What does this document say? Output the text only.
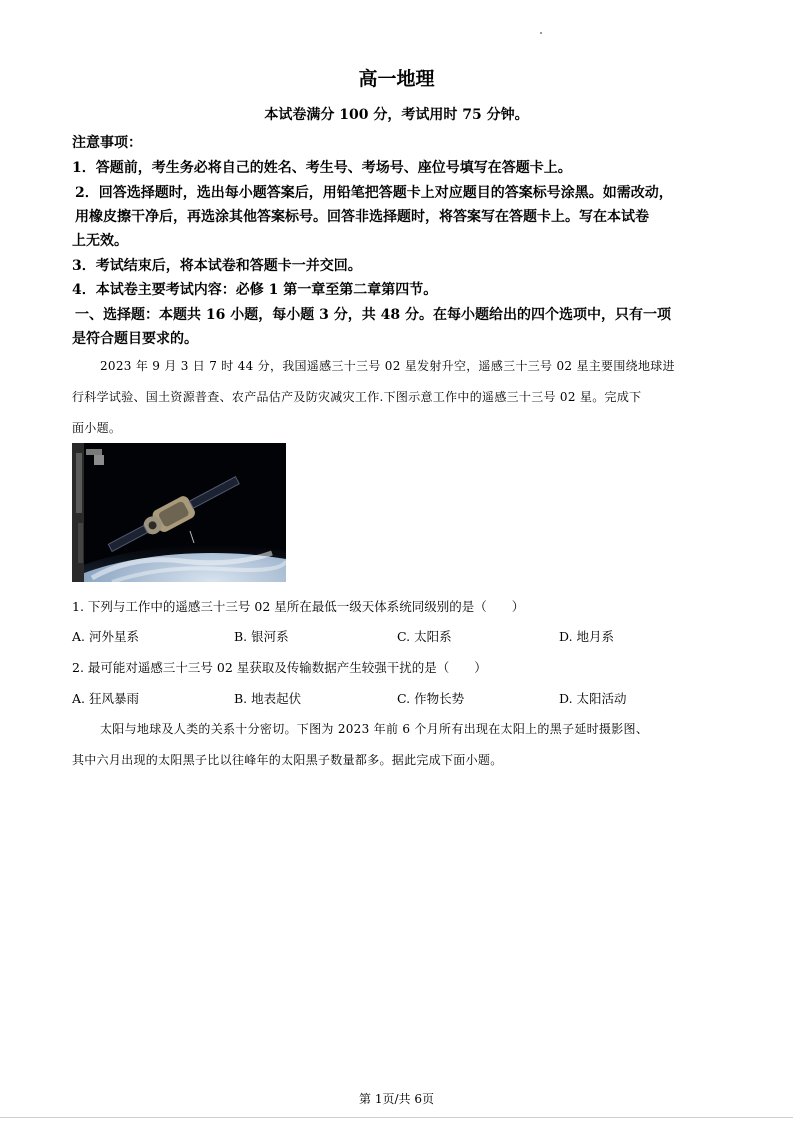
高一地理
本试卷满分 100 分，考试用时 75 分钟。
注意事项：
1．答题前，考生务必将自己的姓名、考生号、考场号、座位号填写在答题卡上。
2．回答选择题时，选出每小题答案后，用铅笔把答题卡上对应题目的答案标号涂黑。如需改动，
用橡皮擦干净后，再选涂其他答案标号。回答非选择题时，将答案写在答题卡上。写在本试卷
上无效。
3．考试结束后，将本试卷和答题卡一并交回。
4．本试卷主要考试内容：必修 1 第一章至第二章第四节。
一、选择题：本题共 16 小题，每小题 3 分，共 48 分。在每小题给出的四个选项中，只有一项
是符合题目要求的。
2023 年 9 月 3 日 7 时 44 分，我国遥感三十三号 02 星发射升空，遥感三十三号 02 星主要围绕地球进
行科学试验、国土资源普查、农产品估产及防灾减灾工作.下图示意工作中的遥感三十三号 02 星。完成下
面小题。
1. 下列与工作中的遥感三十三号 02 星所在最低一级天体系统同级别的是（　　）
A. 河外星系	B. 银河系	C. 太阳系	D. 地月系
2. 最可能对遥感三十三号 02 星获取及传输数据产生较强干扰的是（　　）
A. 狂风暴雨	B. 地表起伏	C. 作物长势	D. 太阳活动
太阳与地球及人类的关系十分密切。下图为 2023 年前 6 个月所有出现在太阳上的黑子延时摄影图、
其中六月出现的太阳黑子比以往峰年的太阳黑子数量都多。据此完成下面小题。
第 1页/共 6页
